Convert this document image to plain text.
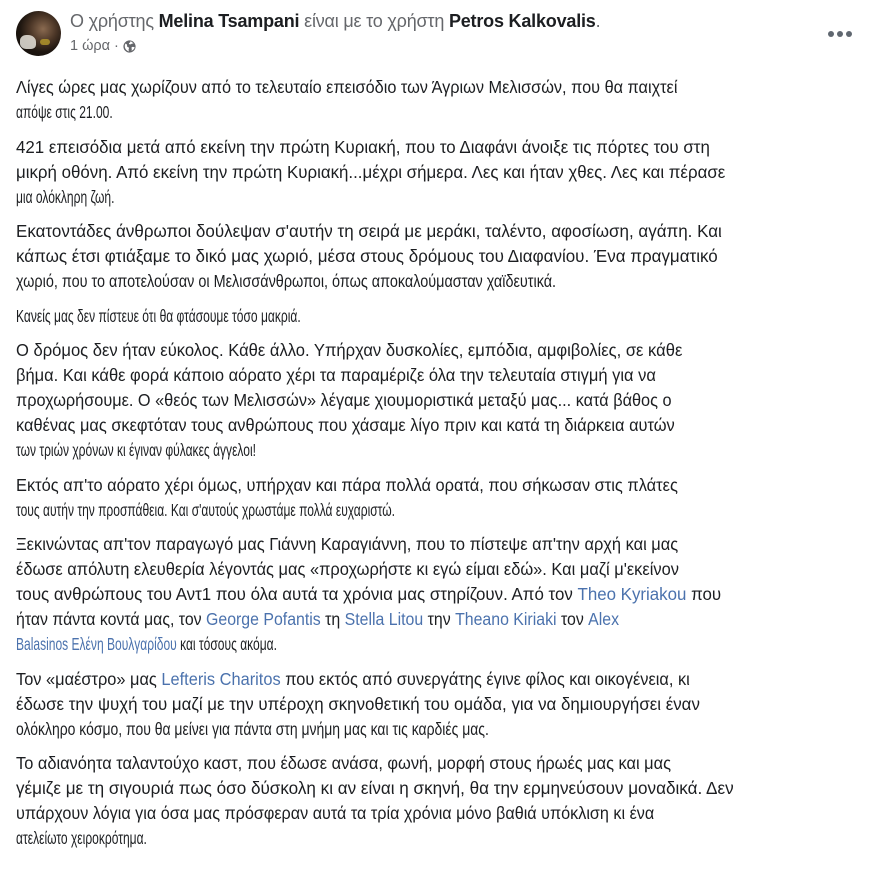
Ο χρήστης Melina Tsampani είναι με το χρήστη Petros Kalkovalis.
1 ώρα ·
Λίγες ώρες μας χωρίζουν από το τελευταίο επεισόδιο των Άγριων Μελισσών, που θα παιχτεί
απόψε στις 21.00.
421 επεισόδια μετά από εκείνη την πρώτη Κυριακή, που το Διαφάνι άνοιξε τις πόρτες του στη
μικρή οθόνη. Από εκείνη την πρώτη Κυριακή...μέχρι σήμερα. Λες και ήταν χθες. Λες και πέρασε
μια ολόκληρη ζωή.
Εκατοντάδες άνθρωποι δούλεψαν σ'αυτήν τη σειρά με μεράκι, ταλέντο, αφοσίωση, αγάπη. Και
κάπως έτσι φτιάξαμε το δικό μας χωριό, μέσα στους δρόμους του Διαφανίου. Ένα πραγματικό
χωριό, που το αποτελούσαν οι Μελισσάνθρωποι, όπως αποκαλούμασταν χαϊδευτικά.
Κανείς μας δεν πίστευε ότι θα φτάσουμε τόσο μακριά.
Ο δρόμος δεν ήταν εύκολος. Κάθε άλλο. Υπήρχαν δυσκολίες, εμπόδια, αμφιβολίες, σε κάθε
βήμα. Και κάθε φορά κάποιο αόρατο χέρι τα παραμέριζε όλα την τελευταία στιγμή για να
προχωρήσουμε. Ο «θεός των Μελισσών» λέγαμε χιουμοριστικά μεταξύ μας... κατά βάθος ο
καθένας μας σκεφτόταν τους ανθρώπους που χάσαμε λίγο πριν και κατά τη διάρκεια αυτών
των τριών χρόνων κι έγιναν φύλακες άγγελοι!
Εκτός απ'το αόρατο χέρι όμως, υπήρχαν και πάρα πολλά ορατά, που σήκωσαν στις πλάτες
τους αυτήν την προσπάθεια. Και σ'αυτούς χρωστάμε πολλά ευχαριστώ.
Ξεκινώντας απ'τον παραγωγό μας Γιάννη Καραγιάννη, που το πίστεψε απ'την αρχή και μας
έδωσε απόλυτη ελευθερία λέγοντάς μας «προχωρήστε κι εγώ είμαι εδώ». Και μαζί μ'εκείνον
τους ανθρώπους του Αντ1 που όλα αυτά τα χρόνια μας στηρίζουν. Από τον Theo Kyriakou που
ήταν πάντα κοντά μας, τον George Pofantis τη Stella Litou την Theano Kiriaki τον Alex
Balasinos Ελένη Βουλγαρίδου και τόσους ακόμα.
Τον «μαέστρο» μας Lefteris Charitos που εκτός από συνεργάτης έγινε φίλος και οικογένεια, κι
έδωσε την ψυχή του μαζί με την υπέροχη σκηνοθετική του ομάδα, για να δημιουργήσει έναν
ολόκληρο κόσμο, που θα μείνει για πάντα στη μνήμη μας και τις καρδιές μας.
Το αδιανόητα ταλαντούχο καστ, που έδωσε ανάσα, φωνή, μορφή στους ήρωές μας και μας
γέμιζε με τη σιγουριά πως όσο δύσκολη κι αν είναι η σκηνή, θα την ερμηνεύσουν μοναδικά. Δεν
υπάρχουν λόγια για όσα μας πρόσφεραν αυτά τα τρία χρόνια μόνο βαθιά υπόκλιση κι ένα
ατελείωτο χειροκρότημα.
